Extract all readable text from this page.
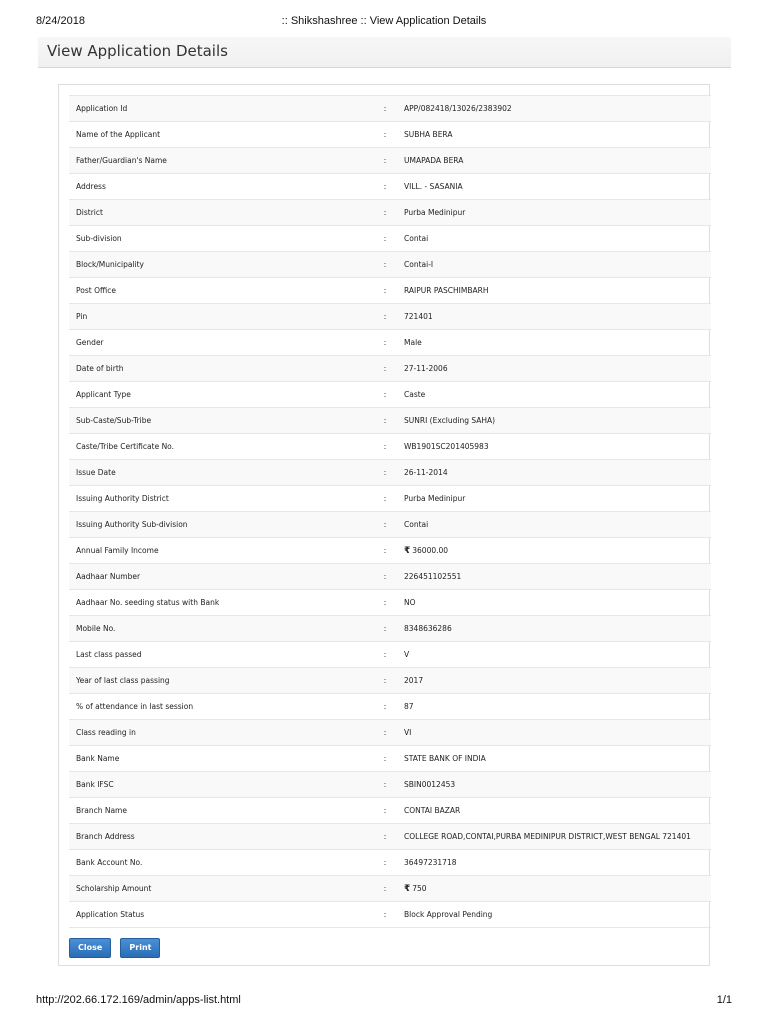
8/24/2018	:: Shikshashree :: View Application Details
View Application Details
Application Id	:	APP/082418/13026/2383902
Name of the Applicant	:	SUBHA BERA
Father/Guardian's Name	:	UMAPADA BERA
Address	:	VILL. - SASANIA
District	:	Purba Medinipur
Sub-division	:	Contai
Block/Municipality	:	Contai-I
Post Office	:	RAIPUR PASCHIMBARH
Pin	:	721401
Gender	:	Male
Date of birth	:	27-11-2006
Applicant Type	:	Caste
Sub-Caste/Sub-Tribe	:	SUNRI (Excluding SAHA)
Caste/Tribe Certificate No.	:	WB1901SC201405983
Issue Date	:	26-11-2014
Issuing Authority District	:	Purba Medinipur
Issuing Authority Sub-division	:	Contai
Annual Family Income	:	₹ 36000.00
Aadhaar Number	:	226451102551
Aadhaar No. seeding status with Bank	:	NO
Mobile No.	:	8348636286
Last class passed	:	V
Year of last class passing	:	2017
% of attendance in last session	:	87
Class reading in	:	VI
Bank Name	:	STATE BANK OF INDIA
Bank IFSC	:	SBIN0012453
Branch Name	:	CONTAI BAZAR
Branch Address	:	COLLEGE ROAD,CONTAI,PURBA MEDINIPUR DISTRICT,WEST BENGAL 721401
Bank Account No.	:	36497231718
Scholarship Amount	:	₹ 750
Application Status	:	Block Approval Pending
Close	Print
http://202.66.172.169/admin/apps-list.html	1/1
